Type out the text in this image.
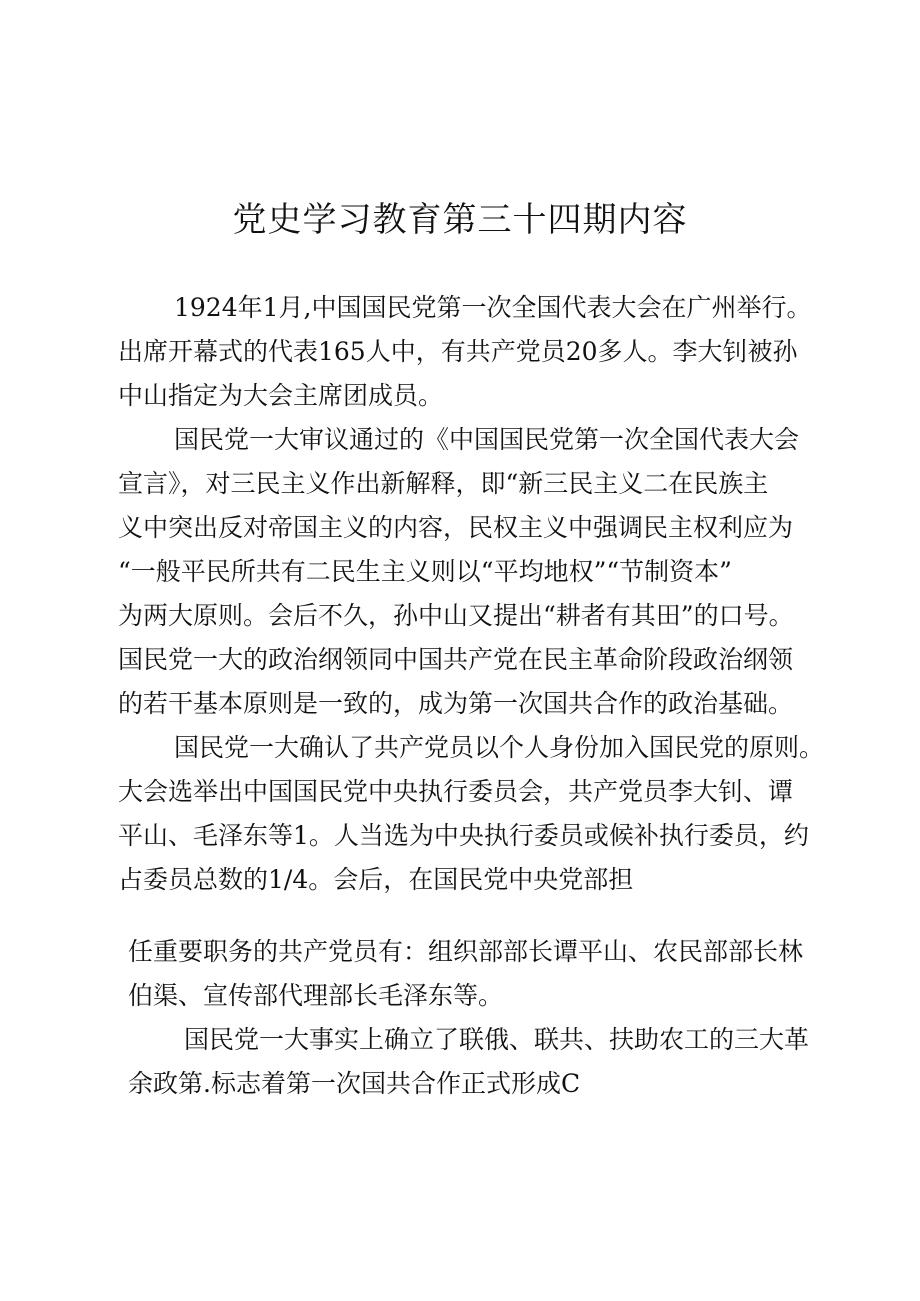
党史学习教育第三十四期内容
1924年1月,中国国民党第一次全国代表大会在广州举行。
出席开幕式的代表165人中，有共产党员20多人。李大钊被孙
中山指定为大会主席团成员。
国民党一大审议通过的《中国国民党第一次全国代表大会
宣言》，对三民主义作出新解释，即“新三民主义二在民族主
义中突出反对帝国主义的内容，民权主义中强调民主权利应为
“一般平民所共有二民生主义则以“平均地权”“节制资本”
为两大原则。会后不久，孙中山又提出“耕者有其田”的口号。
国民党一大的政治纲领同中国共产党在民主革命阶段政治纲领
的若干基本原则是一致的，成为第一次国共合作的政治基础。
国民党一大确认了共产党员以个人身份加入国民党的原则。
大会选举出中国国民党中央执行委员会，共产党员李大钊、谭
平山、毛泽东等1。人当选为中央执行委员或候补执行委员，约
占委员总数的1/4。会后，在国民党中央党部担
任重要职务的共产党员有：组织部部长谭平山、农民部部长林
伯渠、宣传部代理部长毛泽东等。
国民党一大事实上确立了联俄、联共、扶助农工的三大革
余政第.标志着第一次国共合作正式形成C
